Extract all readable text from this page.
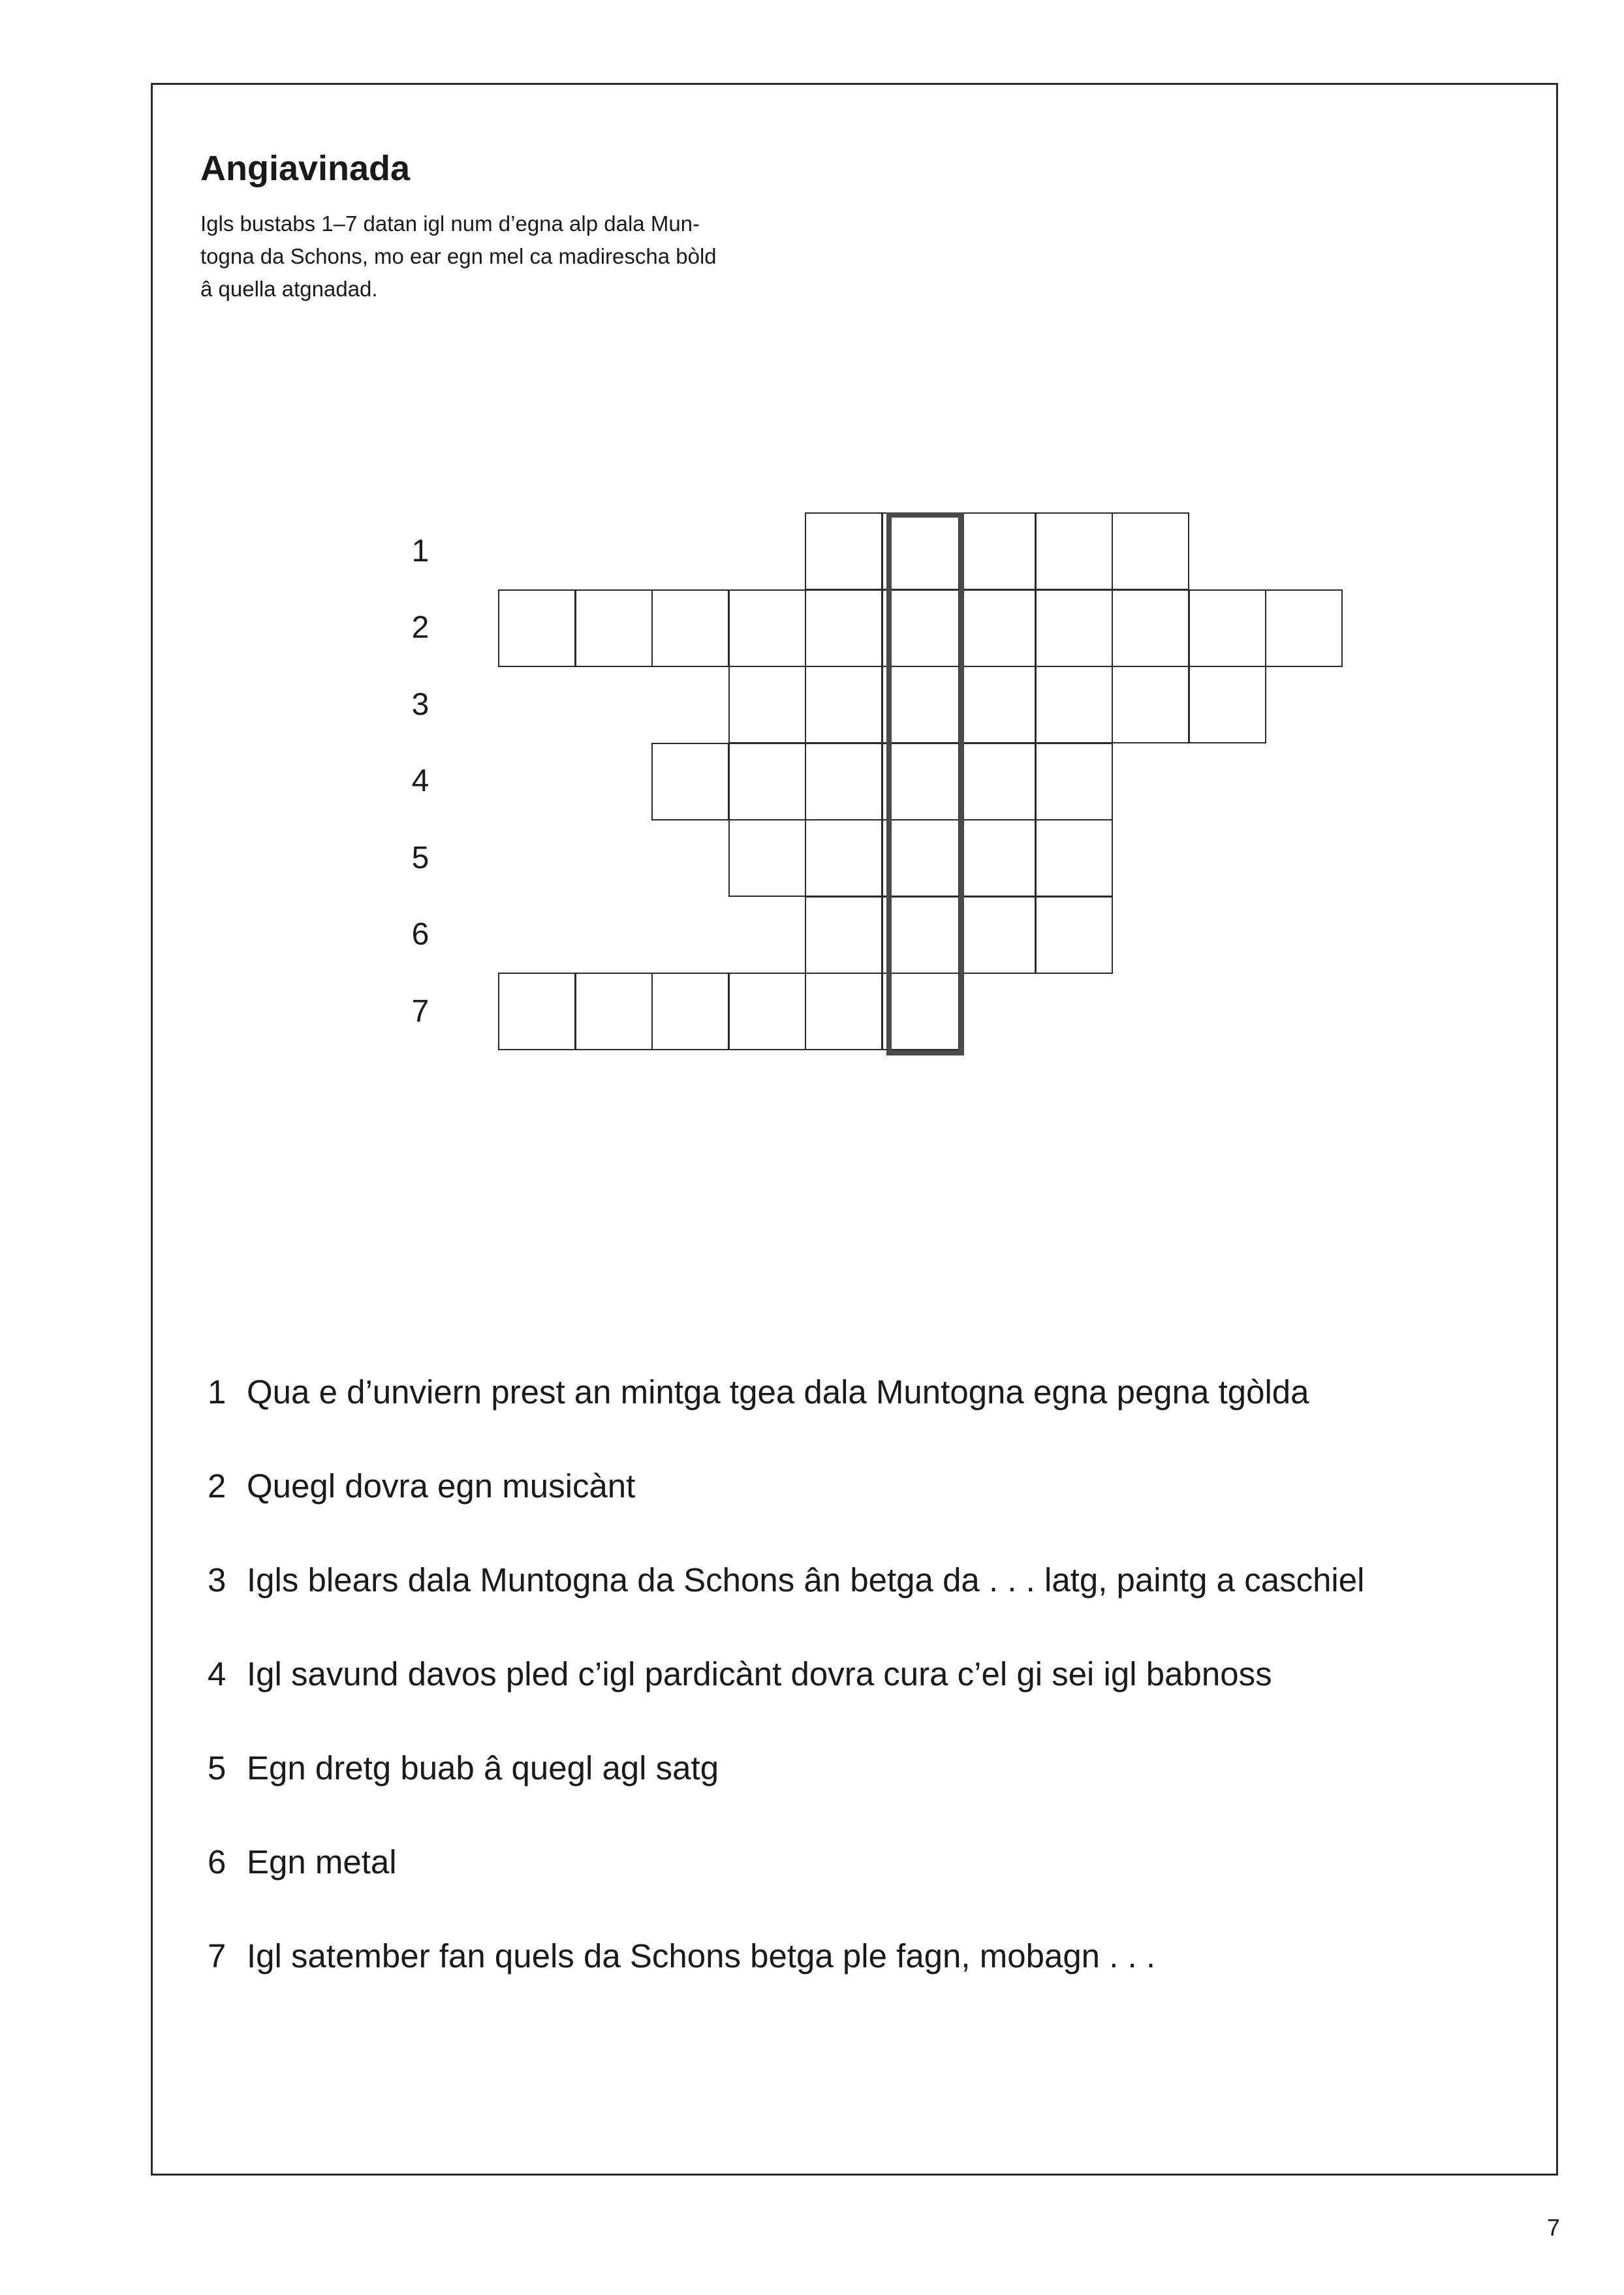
Angiavinada

Igls bustabs 1–7 datan igl num d’egna alp dala Mun-
togna da Schons, mo ear egn mel ca madirescha bòld
â quella atgnadad.

1
2
3
4
5
6
7
1 Qua e d’unviern prest an mintga tgea dala Muntogna egna pegna tgòlda
2 Quegl dovra egn musicànt
3 Igls blears dala Muntogna da Schons ân betga da . . . latg, paintg a caschiel
4 Igl savund davos pled c’igl pardicànt dovra cura c’el gi sei igl babnoss
5 Egn dretg buab â quegl agl satg
6 Egn metal
7 Igl satember fan quels da Schons betga ple fagn, mobagn . . .
7
